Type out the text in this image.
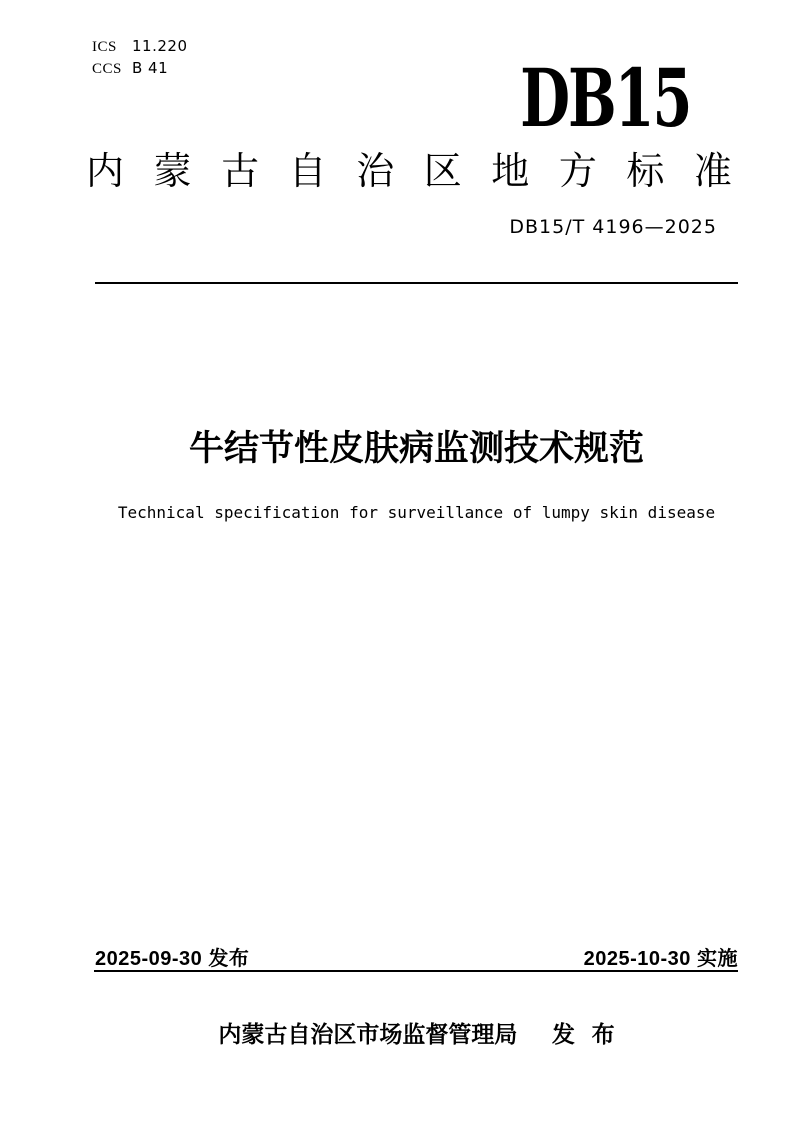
ICS 11.220
CCS B 41	DB15
内 蒙 古 自 治 区 地 方 标 准
DB15/T 4196—2025
牛结节性皮肤病监测技术规范
Technical specification for surveillance of lumpy skin disease
2025-09-30 发布	2025-10-30 实施
内蒙古自治区市场监督管理局 发 布
